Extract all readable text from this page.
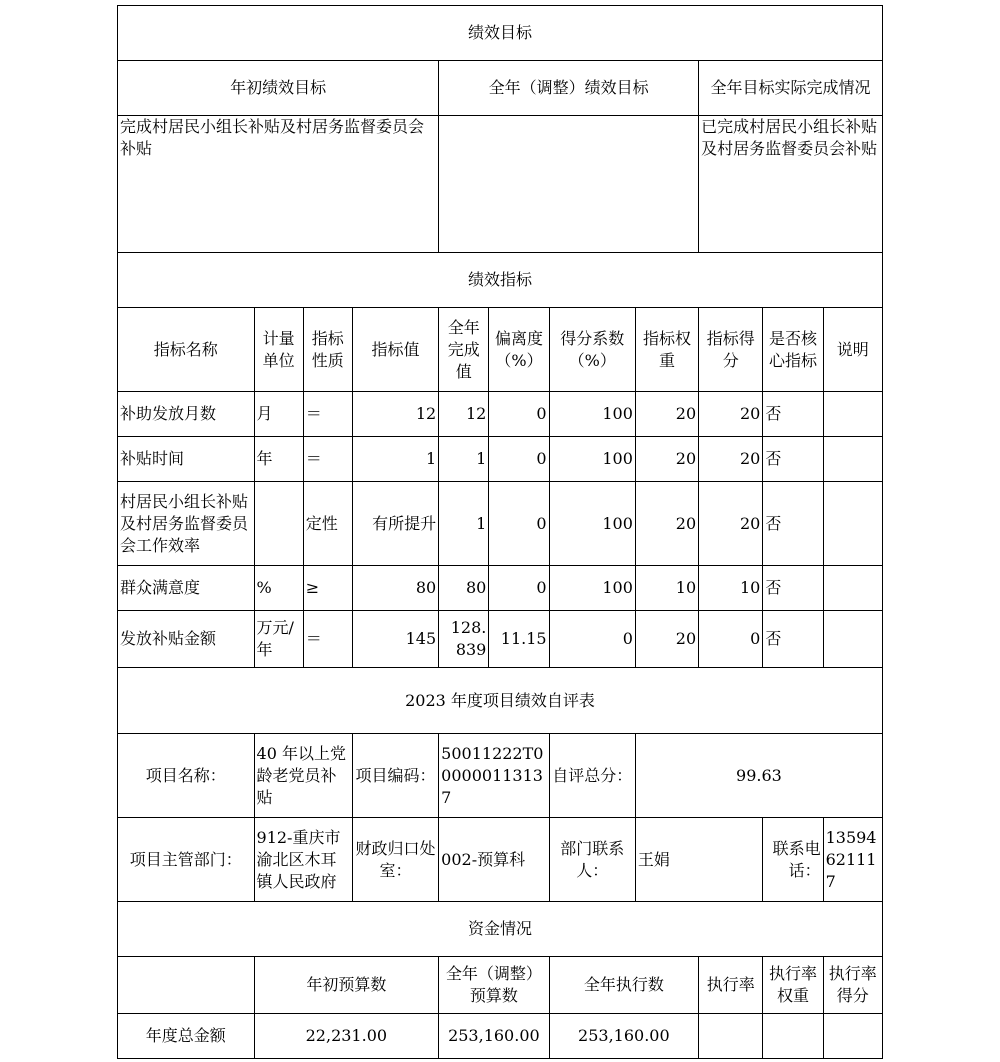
绩效目标										
年初绩效目标				全年（调整）绩效目标				全年目标实际完成情况		
完成村居民小组长补贴及村居务监督委员会补贴								已完成村居民小组长补贴及村居务监督委员会补贴		
绩效指标										
指标名称	计量单位	指标性质	指标值	全年完成值	偏离度（%）	得分系数（%）	指标权重	指标得分	是否核心指标	说明
补助发放月数	月	＝	12	12	0	100	20	20	否	
补贴时间	年	＝	1	1	0	100	20	20	否	
村居民小组长补贴及村居务监督委员会工作效率		定性	有所提升	1	0	100	20	20	否	
群众满意度	%	≥	80	80	0	100	10	10	否	
发放补贴金额	万元/年	＝	145	128.839	11.15	0	20	0	否	
2023 年度项目绩效自评表										
项目名称：	40 年以上党龄老党员补贴		项目编码：	50011222T000000113137		自评总分：	99.63			
项目主管部门：	912-重庆市渝北区木耳镇人民政府		财政归口处室：	002-预算科		部门联系人：	王娟		联系电话：	13594621117
资金情况										
	年初预算数			全年（调整）预算数		全年执行数		执行率	执行率权重	执行率得分
年度总金额	22,231.00			253,160.00		253,160.00				
